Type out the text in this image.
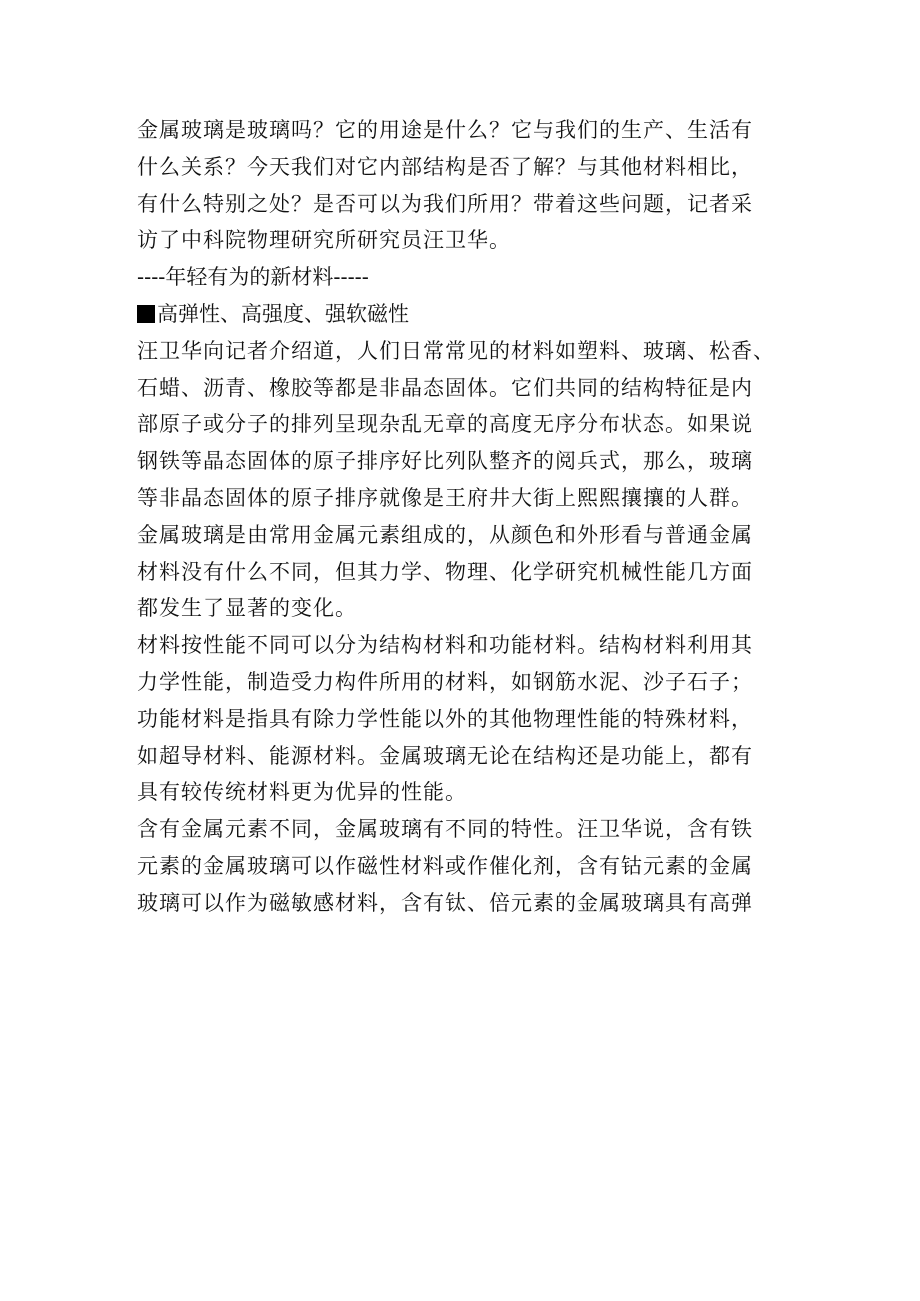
金属玻璃是玻璃吗？它的用途是什么？它与我们的生产、生活有
什么关系？今天我们对它内部结构是否了解？与其他材料相比，
有什么特别之处？是否可以为我们所用？带着这些问题，记者采
访了中科院物理研究所研究员汪卫华。
----年轻有为的新材料-----
高弹性、高强度、强软磁性
汪卫华向记者介绍道，人们日常常见的材料如塑料、玻璃、松香、
石蜡、沥青、橡胶等都是非晶态固体。它们共同的结构特征是内
部原子或分子的排列呈现杂乱无章的高度无序分布状态。如果说
钢铁等晶态固体的原子排序好比列队整齐的阅兵式，那么，玻璃
等非晶态固体的原子排序就像是王府井大街上熙熙攘攘的人群。
金属玻璃是由常用金属元素组成的，从颜色和外形看与普通金属
材料没有什么不同，但其力学、物理、化学研究机械性能几方面
都发生了显著的变化。
材料按性能不同可以分为结构材料和功能材料。结构材料利用其
力学性能，制造受力构件所用的材料，如钢筋水泥、沙子石子；
功能材料是指具有除力学性能以外的其他物理性能的特殊材料，
如超导材料、能源材料。金属玻璃无论在结构还是功能上，都有
具有较传统材料更为优异的性能。
含有金属元素不同，金属玻璃有不同的特性。汪卫华说，含有铁
元素的金属玻璃可以作磁性材料或作催化剂，含有钴元素的金属
玻璃可以作为磁敏感材料，含有钛、倍元素的金属玻璃具有高弹
